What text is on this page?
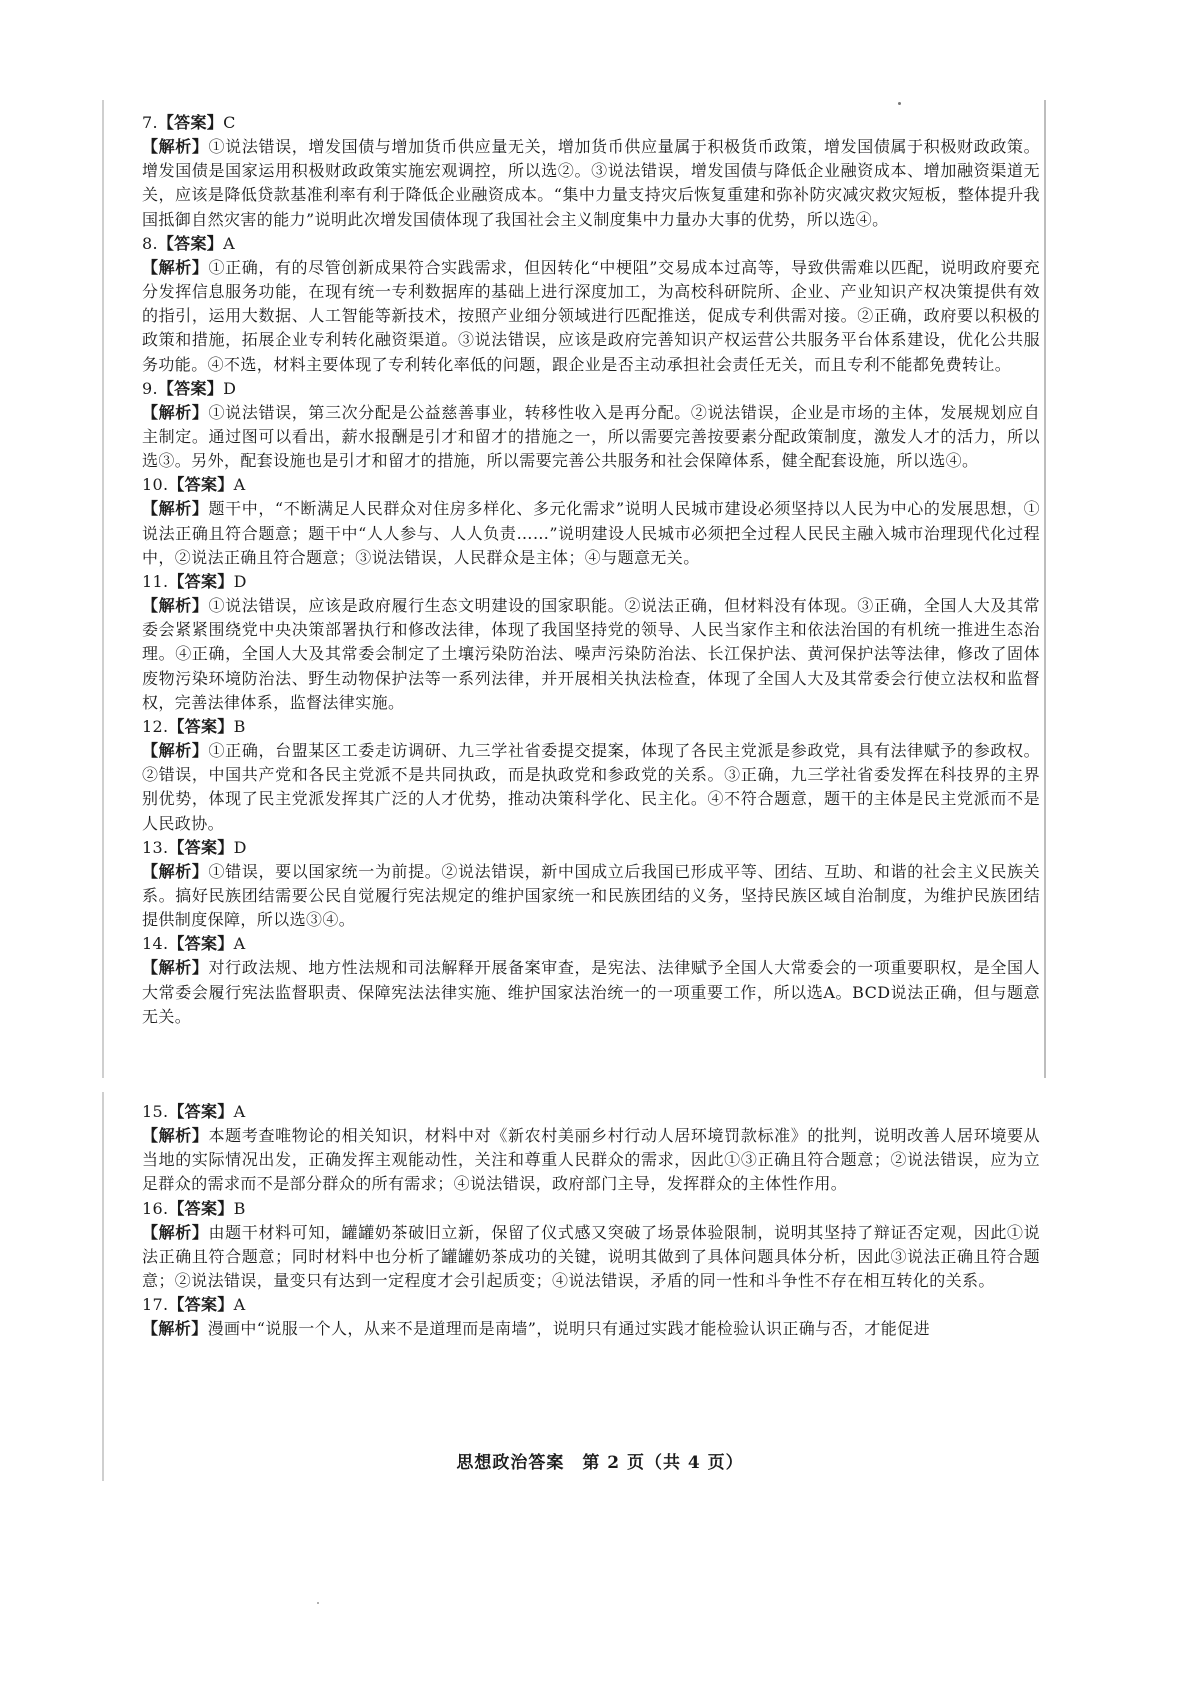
7.【答案】C

【解析】①说法错误，增发国债与增加货币供应量无关，增加货币供应量属于积极货币政策，增发国债属于积极财政政策。增发国债是国家运用积极财政政策实施宏观调控，所以选②。③说法错误，增发国债与降低企业融资成本、增加融资渠道无关，应该是降低贷款基准利率有利于降低企业融资成本。“集中力量支持灾后恢复重建和弥补防灾减灾救灾短板，整体提升我国抵御自然灾害的能力”说明此次增发国债体现了我国社会主义制度集中力量办大事的优势，所以选④。

8.【答案】A

【解析】①正确，有的尽管创新成果符合实践需求，但因转化“中梗阻”交易成本过高等，导致供需难以匹配，说明政府要充分发挥信息服务功能，在现有统一专利数据库的基础上进行深度加工，为高校科研院所、企业、产业知识产权决策提供有效的指引，运用大数据、人工智能等新技术，按照产业细分领域进行匹配推送，促成专利供需对接。②正确，政府要以积极的政策和措施，拓展企业专利转化融资渠道。③说法错误，应该是政府完善知识产权运营公共服务平台体系建设，优化公共服务功能。④不选，材料主要体现了专利转化率低的问题，跟企业是否主动承担社会责任无关，而且专利不能都免费转让。

9.【答案】D

【解析】①说法错误，第三次分配是公益慈善事业，转移性收入是再分配。②说法错误，企业是市场的主体，发展规划应自主制定。通过图可以看出，薪水报酬是引才和留才的措施之一，所以需要完善按要素分配政策制度，激发人才的活力，所以选③。另外，配套设施也是引才和留才的措施，所以需要完善公共服务和社会保障体系，健全配套设施，所以选④。

10.【答案】A

【解析】题干中，“不断满足人民群众对住房多样化、多元化需求”说明人民城市建设必须坚持以人民为中心的发展思想，①说法正确且符合题意；题干中“人人参与、人人负责……”说明建设人民城市必须把全过程人民民主融入城市治理现代化过程中，②说法正确且符合题意；③说法错误，人民群众是主体；④与题意无关。

11.【答案】D

【解析】①说法错误，应该是政府履行生态文明建设的国家职能。②说法正确，但材料没有体现。③正确，全国人大及其常委会紧紧围绕党中央决策部署执行和修改法律，体现了我国坚持党的领导、人民当家作主和依法治国的有机统一推进生态治理。④正确，全国人大及其常委会制定了土壤污染防治法、噪声污染防治法、长江保护法、黄河保护法等法律，修改了固体废物污染环境防治法、野生动物保护法等一系列法律，并开展相关执法检查，体现了全国人大及其常委会行使立法权和监督权，完善法律体系，监督法律实施。

12.【答案】B

【解析】①正确，台盟某区工委走访调研、九三学社省委提交提案，体现了各民主党派是参政党，具有法律赋予的参政权。②错误，中国共产党和各民主党派不是共同执政，而是执政党和参政党的关系。③正确，九三学社省委发挥在科技界的主界别优势，体现了民主党派发挥其广泛的人才优势，推动决策科学化、民主化。④不符合题意，题干的主体是民主党派而不是人民政协。

13.【答案】D

【解析】①错误，要以国家统一为前提。②说法错误，新中国成立后我国已形成平等、团结、互助、和谐的社会主义民族关系。搞好民族团结需要公民自觉履行宪法规定的维护国家统一和民族团结的义务，坚持民族区域自治制度，为维护民族团结提供制度保障，所以选③④。

14.【答案】A

【解析】对行政法规、地方性法规和司法解释开展备案审查，是宪法、法律赋予全国人大常委会的一项重要职权，是全国人大常委会履行宪法监督职责、保障宪法法律实施、维护国家法治统一的一项重要工作，所以选A。BCD说法正确，但与题意无关。

15.【答案】A

【解析】本题考查唯物论的相关知识，材料中对《新农村美丽乡村行动人居环境罚款标准》的批判，说明改善人居环境要从当地的实际情况出发，正确发挥主观能动性，关注和尊重人民群众的需求，因此①③正确且符合题意；②说法错误，应为立足群众的需求而不是部分群众的所有需求；④说法错误，政府部门主导，发挥群众的主体性作用。

16.【答案】B

【解析】由题干材料可知，罐罐奶茶破旧立新，保留了仪式感又突破了场景体验限制，说明其坚持了辩证否定观，因此①说法正确且符合题意；同时材料中也分析了罐罐奶茶成功的关键，说明其做到了具体问题具体分析，因此③说法正确且符合题意；②说法错误，量变只有达到一定程度才会引起质变；④说法错误，矛盾的同一性和斗争性不存在相互转化的关系。

17.【答案】A

【解析】漫画中“说服一个人，从来不是道理而是南墙”，说明只有通过实践才能检验认识正确与否，才能促进

思想政治答案　第 2 页（共 4 页）
